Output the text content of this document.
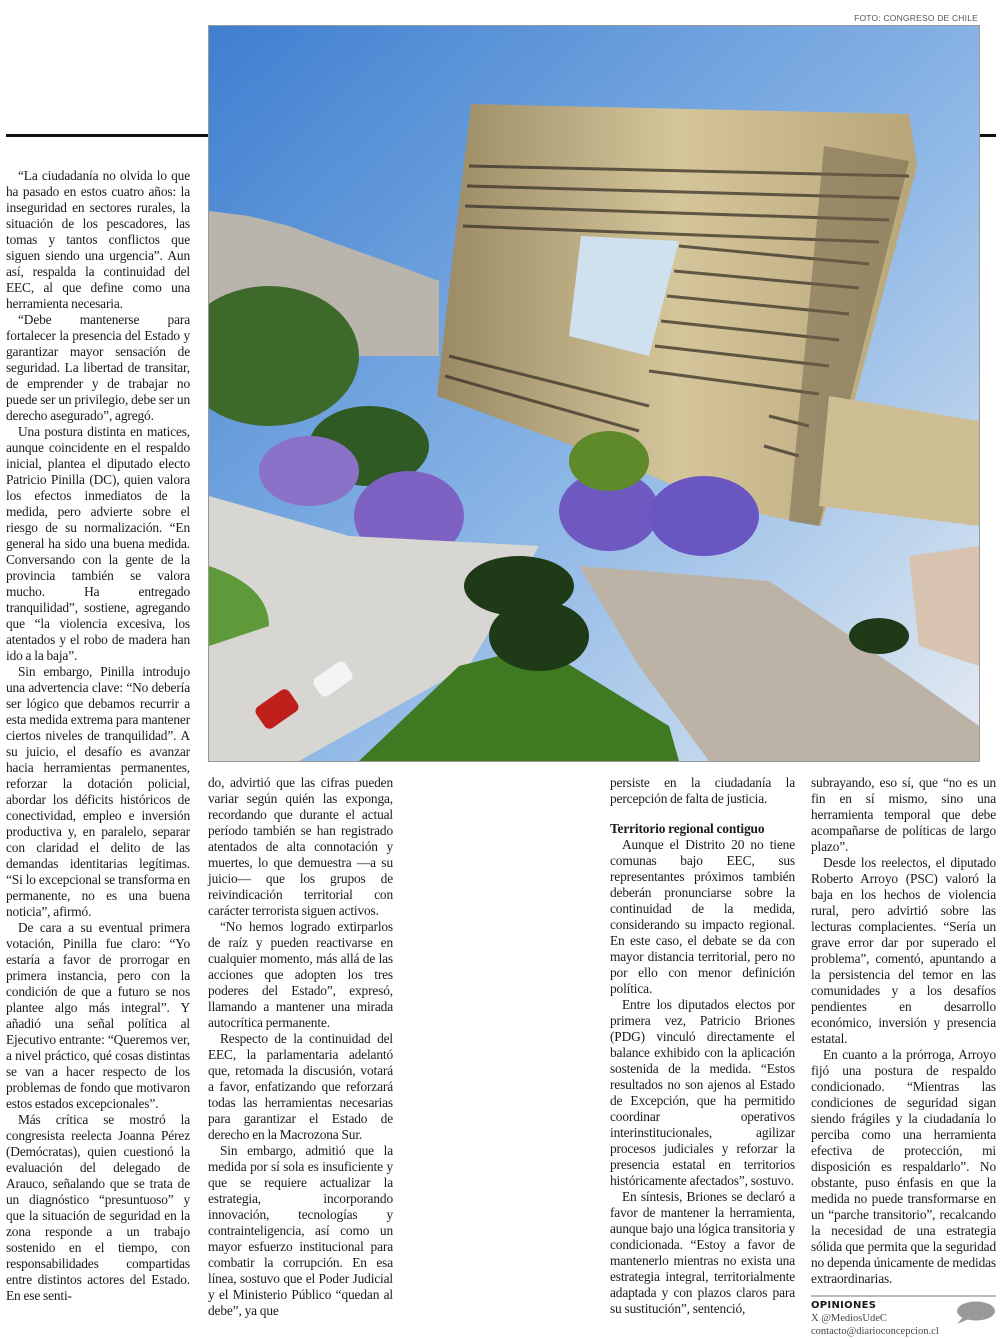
FOTO: CONGRESO DE CHILE

“La ciudadanía no olvida lo que ha pasado en estos cuatro años: la inseguridad en sectores rurales, la situación de los pescadores, las tomas y tantos conflictos que siguen siendo una urgencia”. Aun así, respalda la continuidad del EEC, al que define como una herramienta necesaria.

“Debe mantenerse para fortalecer la presencia del Estado y garantizar mayor sensación de seguridad. La libertad de transitar, de emprender y de trabajar no puede ser un privilegio, debe ser un derecho asegurado”, agregó.

Una postura distinta en matices, aunque coincidente en el respaldo inicial, plantea el diputado electo Patricio Pinilla (DC), quien valora los efectos inmediatos de la medida, pero advierte sobre el riesgo de su normalización. “En general ha sido una buena medida. Conversando con la gente de la provincia también se valora mucho. Ha entregado tranquilidad”, sostiene, agregando que “la violencia excesiva, los atentados y el robo de madera han ido a la baja”.

Sin embargo, Pinilla introdujo una advertencia clave: “No debería ser lógico que debamos recurrir a esta medida extrema para mantener ciertos niveles de tranquilidad”. A su juicio, el desafío es avanzar hacia herramientas permanentes, reforzar la dotación policial, abordar los déficits históricos de conectividad, empleo e inversión productiva y, en paralelo, separar con claridad el delito de las demandas identitarias legítimas. “Si lo excepcional se transforma en permanente, no es una buena noticia”, afirmó.

De cara a su eventual primera votación, Pinilla fue claro: “Yo estaría a favor de prorrogar en primera instancia, pero con la condición de que a futuro se nos plantee algo más integral”. Y añadió una señal política al Ejecutivo entrante: “Queremos ver, a nivel práctico, qué cosas distintas se van a hacer respecto de los problemas de fondo que motivaron estos estados excepcionales”.

Más crítica se mostró la congresista reelecta Joanna Pérez (Demócratas), quien cuestionó la evaluación del delegado de Arauco, señalando que se trata de un diagnóstico “presuntuoso” y que la situación de seguridad en la zona responde a un trabajo sostenido en el tiempo, con responsabilidades compartidas entre distintos actores del Estado. En ese senti-

do, advirtió que las cifras pueden variar según quién las exponga, recordando que durante el actual período también se han registrado atentados de alta connotación y muertes, lo que demuestra —a su juicio— que los grupos de reivindicación territorial con carácter terrorista siguen activos.

“No hemos logrado extirparlos de raíz y pueden reactivarse en cualquier momento, más allá de las acciones que adopten los tres poderes del Estado”, expresó, llamando a mantener una mirada autocrítica permanente.

Respecto de la continuidad del EEC, la parlamentaria adelantó que, retomada la discusión, votará a favor, enfatizando que reforzará todas las herramientas necesarias para garantizar el Estado de derecho en la Macrozona Sur.

Sin embargo, admitió que la medida por sí sola es insuficiente y que se requiere actualizar la estrategia, incorporando innovación, tecnologías y contrainteligencia, así como un mayor esfuerzo institucional para combatir la corrupción. En esa línea, sostuvo que el Poder Judicial y el Ministerio Público “quedan al debe”, ya que

persiste en la ciudadanía la percepción de falta de justicia.

Territorio regional contiguo

Aunque el Distrito 20 no tiene comunas bajo EEC, sus representantes próximos también deberán pronunciarse sobre la continuidad de la medida, considerando su impacto regional. En este caso, el debate se da con mayor distancia territorial, pero no por ello con menor definición política.

Entre los diputados electos por primera vez, Patricio Briones (PDG) vinculó directamente el balance exhibido con la aplicación sostenida de la medida. “Estos resultados no son ajenos al Estado de Excepción, que ha permitido coordinar operativos interinstitucionales, agilizar procesos judiciales y reforzar la presencia estatal en territorios históricamente afectados”, sostuvo.

En síntesis, Briones se declaró a favor de mantener la herramienta, aunque bajo una lógica transitoria y condicionada. “Estoy a favor de mantenerlo mientras no exista una estrategia integral, territorialmente adaptada y con plazos claros para su sustitución”, sentenció,

subrayando, eso sí, que “no es un fin en sí mismo, sino una herramienta temporal que debe acompañarse de políticas de largo plazo”.

Desde los reelectos, el diputado Roberto Arroyo (PSC) valoró la baja en los hechos de violencia rural, pero advirtió sobre las lecturas complacientes. “Sería un grave error dar por superado el problema”, comentó, apuntando a la persistencia del temor en las comunidades y a los desafíos pendientes en desarrollo económico, inversión y presencia estatal.

En cuanto a la prórroga, Arroyo fijó una postura de respaldo condicionado. “Mientras las condiciones de seguridad sigan siendo frágiles y la ciudadanía lo perciba como una herramienta efectiva de protección, mi disposición es respaldarlo”. No obstante, puso énfasis en que la medida no puede transformarse en un “parche transitorio”, recalcando la necesidad de una estrategia sólida que permita que la seguridad no dependa únicamente de medidas extraordinarias.

OPINIONES
X @MediosUdeC
contacto@diarioconcepcion.cl
